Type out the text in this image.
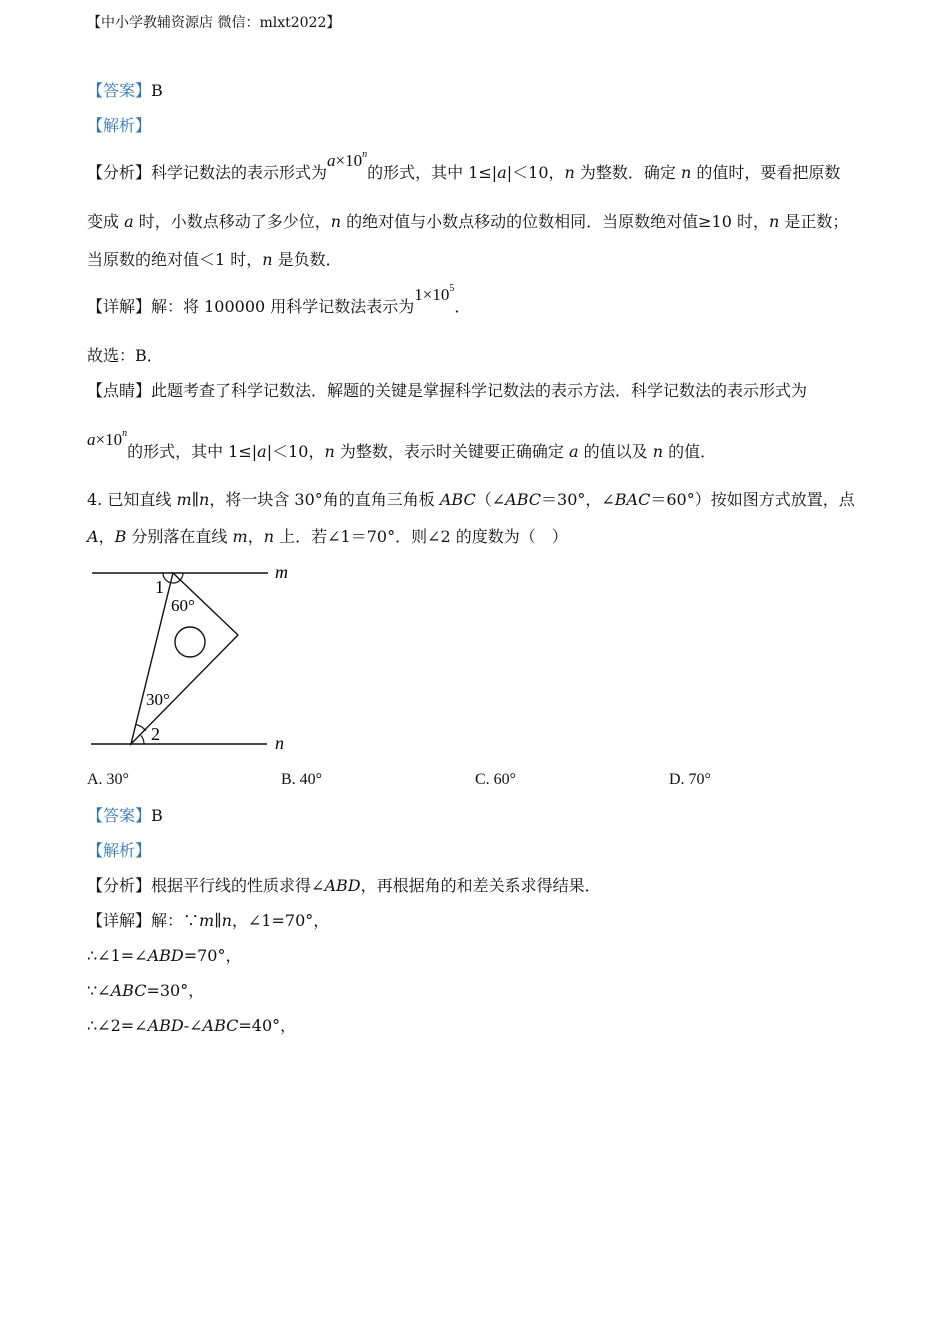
【中小学教辅资源店 微信：mlxt2022】
【答案】B
【解析】
【分析】科学记数法的表示形式为$a\times 10^n$的形式，其中 1≤|a|＜10，n 为整数．确定 n 的值时，要看把原数
变成 a 时，小数点移动了多少位，n 的绝对值与小数点移动的位数相同．当原数绝对值≥10 时，n 是正数；
当原数的绝对值＜1 时，n 是负数．
【详解】解：将 100000 用科学记数法表示为$1\times 10^5$．
故选：B．
【点睛】此题考查了科学记数法．解题的关键是掌握科学记数法的表示方法．科学记数法的表示形式为
$a\times 10^n$的形式，其中 1≤|a|＜10，n 为整数，表示时关键要正确确定 a 的值以及 n 的值．
4. 已知直线 m∥n，将一块含 30°角的直角三角板 ABC（∠ABC＝30°，∠BAC＝60°）按如图方式放置，点
A，B 分别落在直线 m，n 上．若∠1＝70°．则∠2 的度数为（　）
1
60°
30°
2
m
n
A. 30°	B. 40°	C. 60°	D. 70°
【答案】B
【解析】
【分析】根据平行线的性质求得∠ABD，再根据角的和差关系求得结果．
【详解】解：∵m∥n，∠1=70°，
∴∠1=∠ABD=70°，
∵∠ABC=30°，
∴∠2=∠ABD-∠ABC=40°，
